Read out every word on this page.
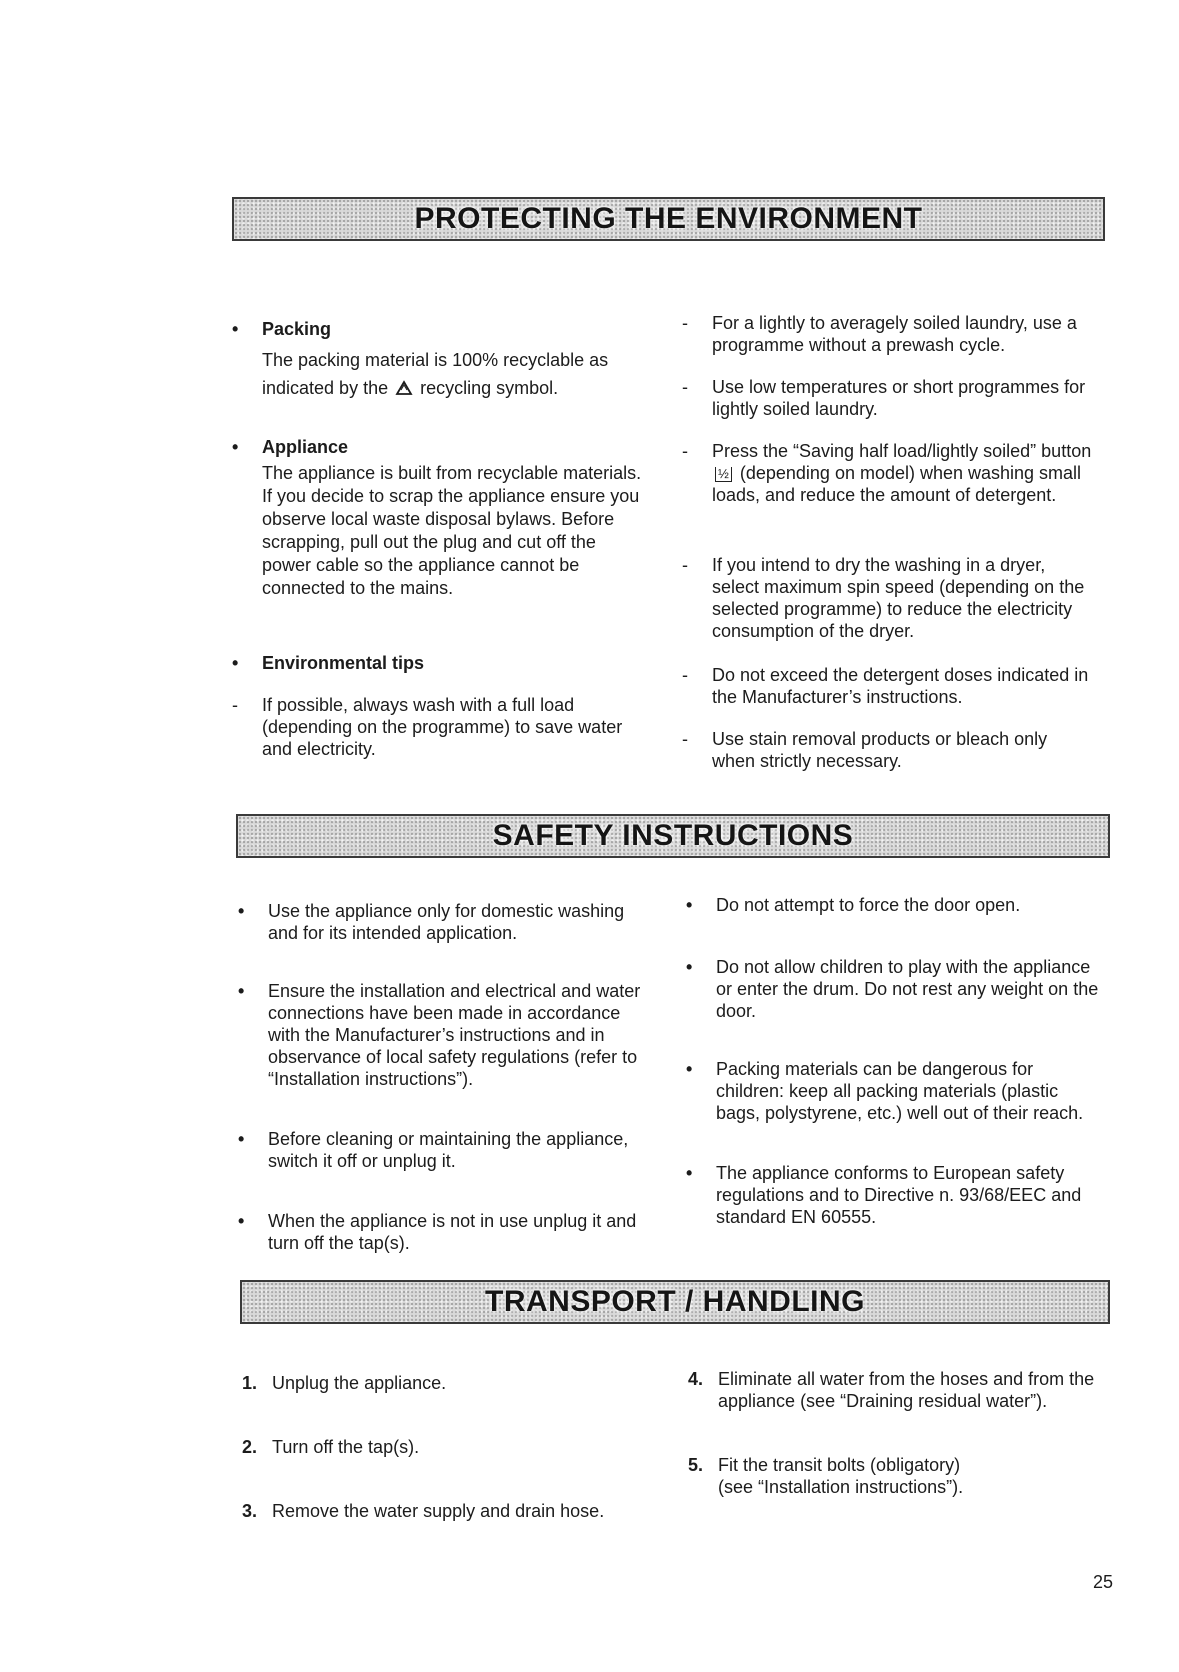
PROTECTING THE ENVIRONMENT
• Packing

The packing material is 100% recyclable as indicated by the recycling symbol.

• Appliance

The appliance is built from recyclable materials. If you decide to scrap the appliance ensure you observe local waste disposal bylaws. Before scrapping, pull out the plug and cut off the power cable so the appliance cannot be connected to the mains.

• Environmental tips

- If possible, always wash with a full load (depending on the programme) to save water and electricity.

- For a lightly to averagely soiled laundry, use a programme without a prewash cycle.

- Use low temperatures or short programmes for lightly soiled laundry.

- Press the “Saving half load/lightly soiled” button ½ (depending on model) when washing small loads, and reduce the amount of detergent.

- If you intend to dry the washing in a dryer, select maximum spin speed (depending on the selected programme) to reduce the electricity consumption of the dryer.

- Do not exceed the detergent doses indicated in the Manufacturer’s instructions.

- Use stain removal products or bleach only when strictly necessary.

SAFETY INSTRUCTIONS
• Use the appliance only for domestic washing and for its intended application.

• Ensure the installation and electrical and water connections have been made in accordance with the Manufacturer’s instructions and in observance of local safety regulations (refer to “Installation instructions”).

• Before cleaning or maintaining the appliance, switch it off or unplug it.

• When the appliance is not in use unplug it and turn off the tap(s).

• Do not attempt to force the door open.

• Do not allow children to play with the appliance or enter the drum. Do not rest any weight on the door.

• Packing materials can be dangerous for children: keep all packing materials (plastic bags, polystyrene, etc.) well out of their reach.

• The appliance conforms to European safety regulations and to Directive n. 93/68/EEC and standard EN 60555.

TRANSPORT / HANDLING
1. Unplug the appliance.

2. Turn off the tap(s).

3. Remove the water supply and drain hose.

4. Eliminate all water from the hoses and from the appliance (see “Draining residual water”).

5. Fit the transit bolts (obligatory) (see “Installation instructions”).

25
